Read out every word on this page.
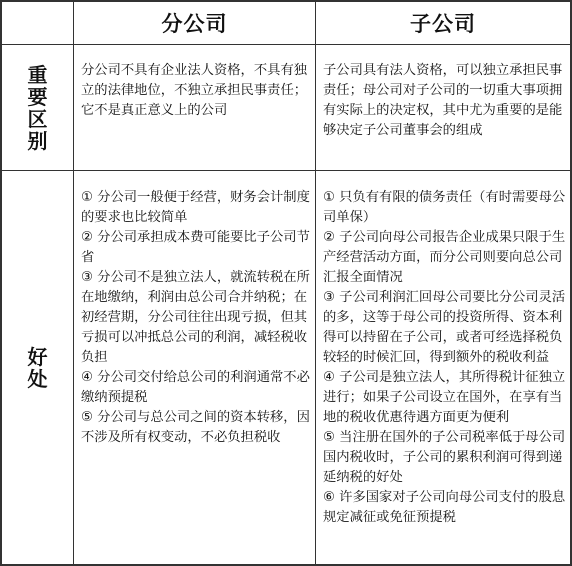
分公司	子公司
重
要
区
别

分公司不具有企业法人资格，不具有独立的法律地位，不独立承担民事责任；它不是真正意义上的公司

子公司具有法人资格，可以独立承担民事责任；母公司对子公司的一切重大事项拥有实际上的决定权，其中尤为重要的是能够决定子公司董事会的组成

好
处

① 分公司一般便于经营，财务会计制度的要求也比较简单

② 分公司承担成本费可能要比子公司节省

③ 分公司不是独立法人，就流转税在所在地缴纳，利润由总公司合并纳税；在初经营期，分公司往往出现亏损，但其亏损可以冲抵总公司的利润，减轻税收负担

④ 分公司交付给总公司的利润通常不必缴纳预提税

⑤ 分公司与总公司之间的资本转移，因不涉及所有权变动，不必负担税收

① 只负有有限的债务责任（有时需要母公司单保）

② 子公司向母公司报告企业成果只限于生产经营活动方面，而分公司则要向总公司汇报全面情况

③ 子公司利润汇回母公司要比分公司灵活的多，这等于母公司的投资所得、资本利得可以持留在子公司，或者可经选择税负较轻的时候汇回，得到额外的税收利益

④ 子公司是独立法人，其所得税计征独立进行；如果子公司设立在国外，在享有当地的税收优惠待遇方面更为便利

⑤ 当注册在国外的子公司税率低于母公司国内税收时，子公司的累积利润可得到递延纳税的好处

⑥ 许多国家对子公司向母公司支付的股息规定减征或免征预提税
